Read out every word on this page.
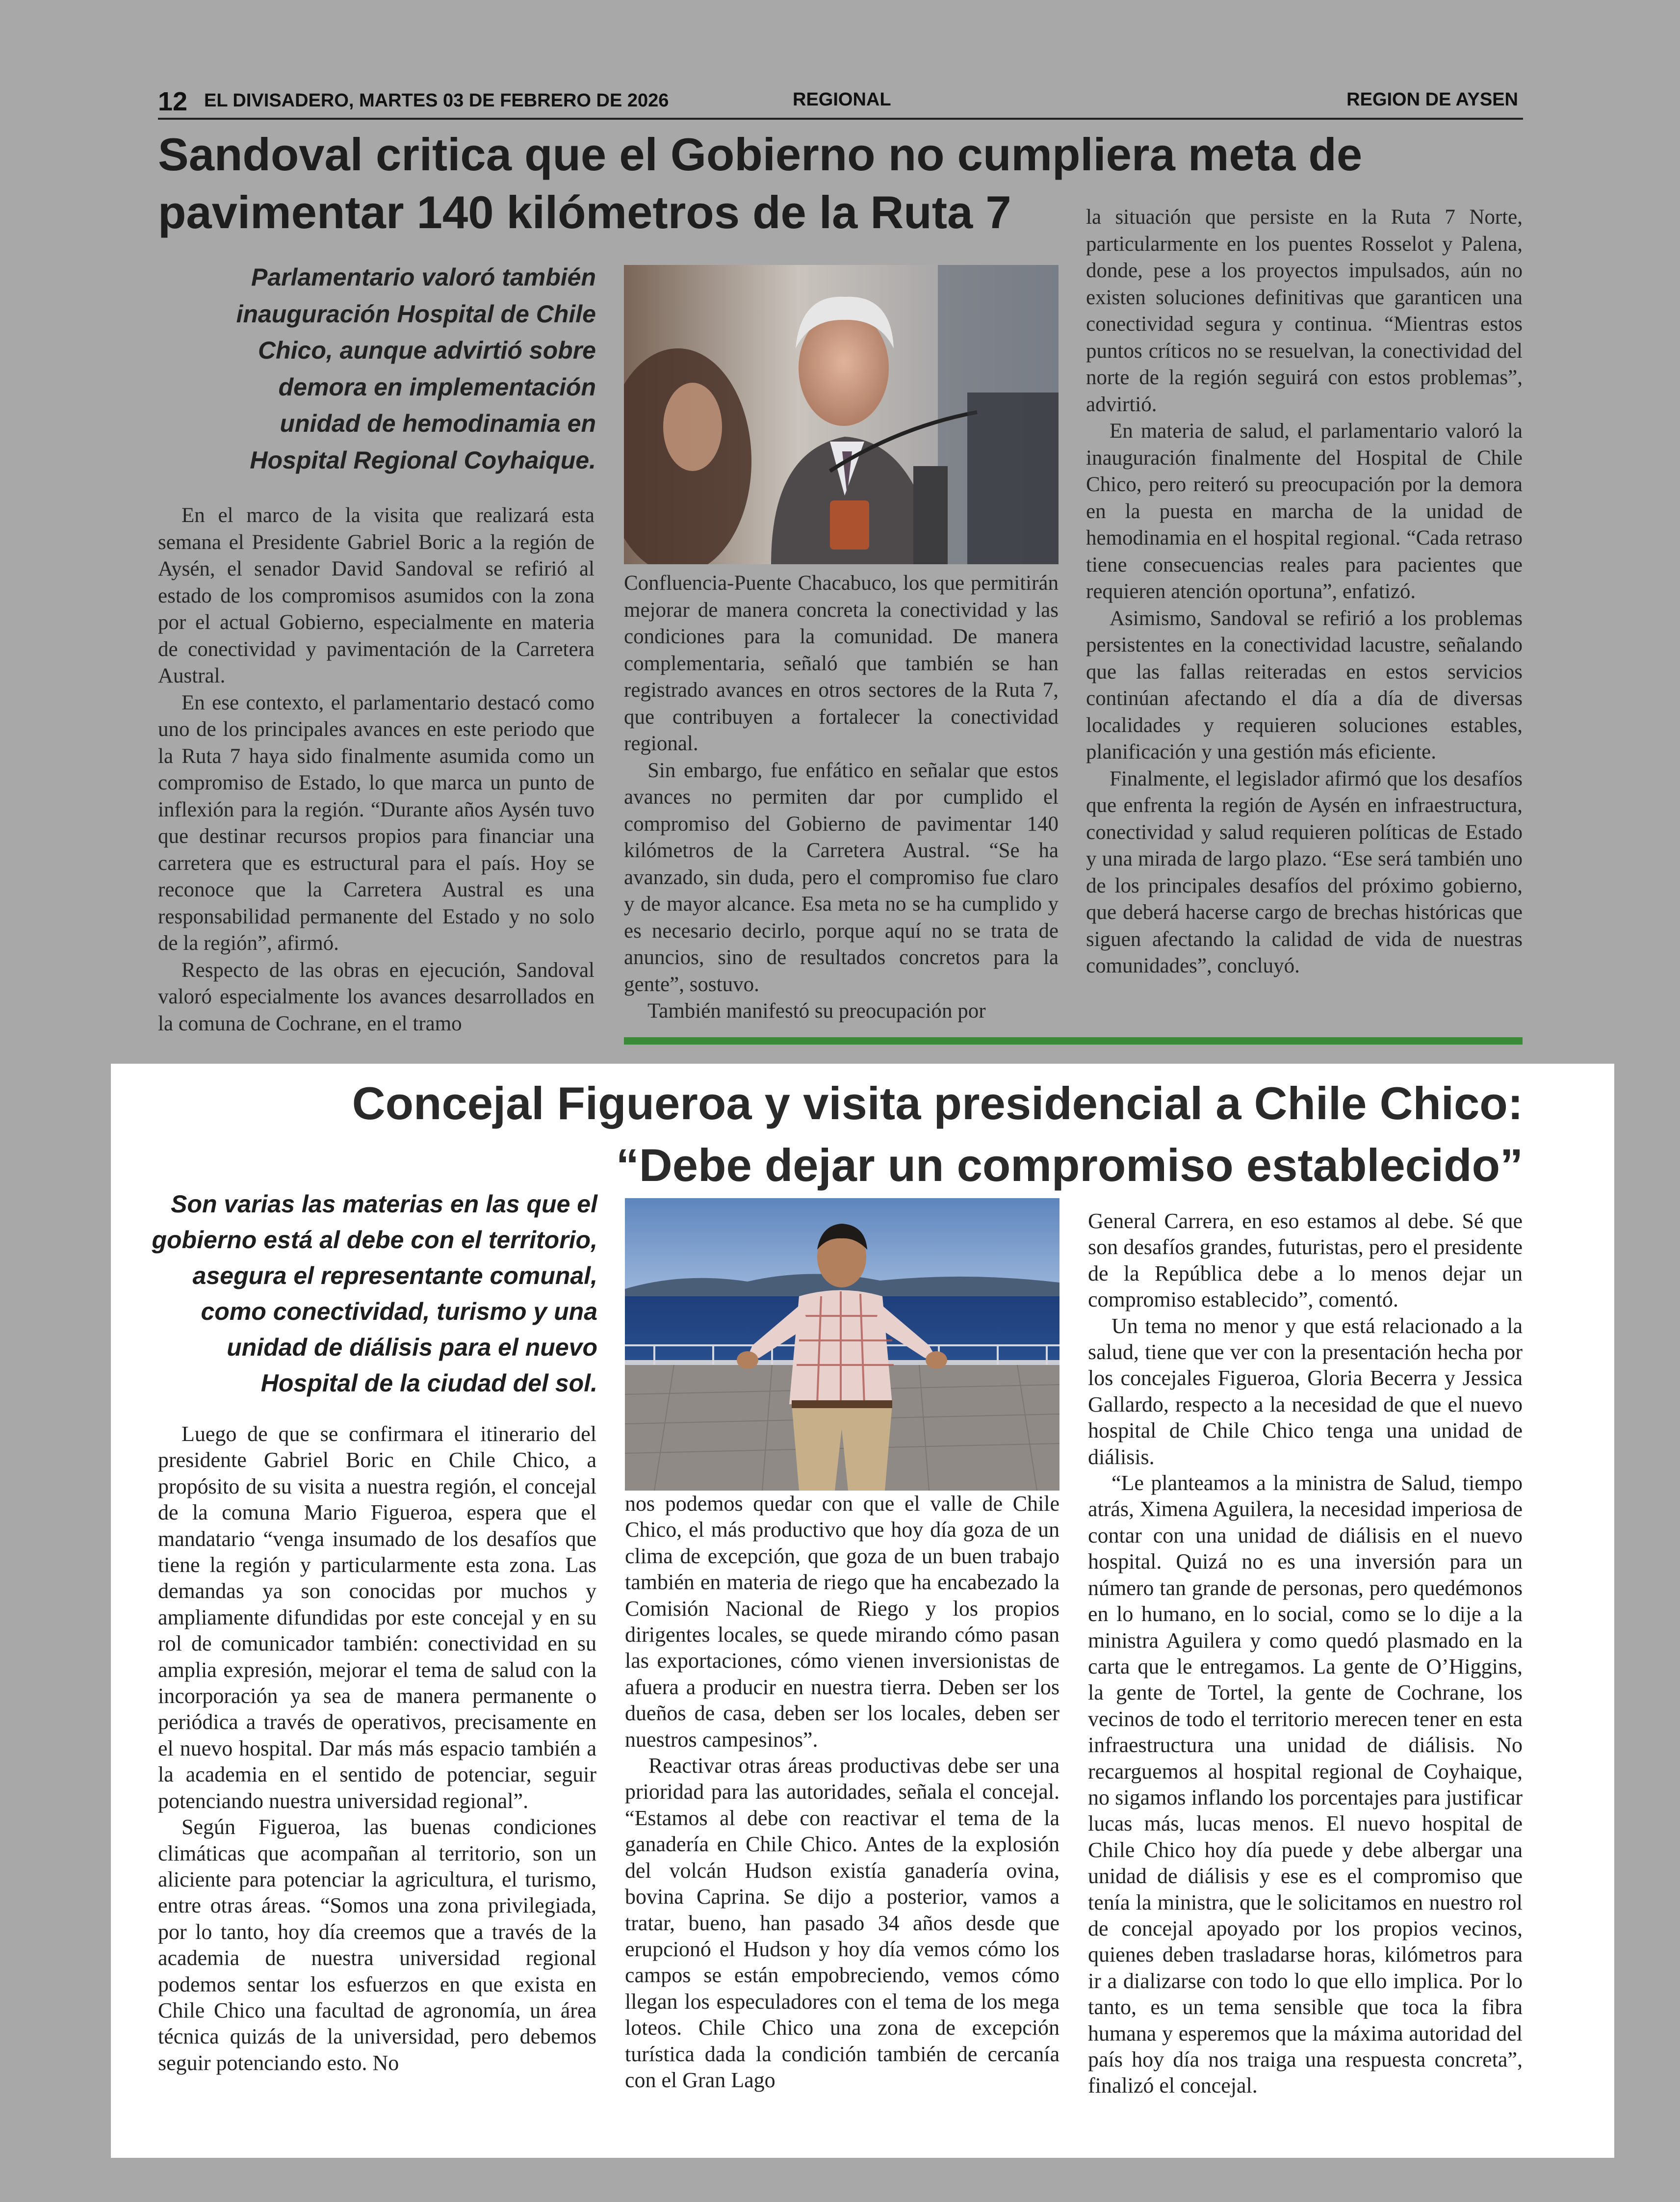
12 EL DIVISADERO, MARTES 03 DE FEBRERO DE 2026	REGIONAL	REGION DE AYSEN
Sandoval critica que el Gobierno no cumpliera meta de
pavimentar 140 kilómetros de la Ruta 7
Parlamentario valoró también inauguración Hospital de Chile Chico, aunque advirtió sobre demora en implementación unidad de hemodinamia en Hospital Regional Coyhaique.

En el marco de la visita que realizará esta semana el Presidente Gabriel Boric a la región de Aysén, el senador David Sandoval se refirió al estado de los compromisos asumidos con la zona por el actual Gobierno, especialmente en materia de conectividad y pavimentación de la Carretera Austral.

En ese contexto, el parlamentario destacó como uno de los principales avances en este periodo que la Ruta 7 haya sido finalmente asumida como un compromiso de Estado, lo que marca un punto de inflexión para la región. “Durante años Aysén tuvo que destinar recursos propios para financiar una carretera que es estructural para el país. Hoy se reconoce que la Carretera Austral es una responsabilidad permanente del Estado y no solo de la región”, afirmó.

Respecto de las obras en ejecución, Sandoval valoró especialmente los avances desarrollados en la comuna de Cochrane, en el tramo

Confluencia-Puente Chacabuco, los que permitirán mejorar de manera concreta la conectividad y las condiciones para la comunidad. De manera complementaria, señaló que también se han registrado avances en otros sectores de la Ruta 7, que contribuyen a fortalecer la conectividad regional.

Sin embargo, fue enfático en señalar que estos avances no permiten dar por cumplido el compromiso del Gobierno de pavimentar 140 kilómetros de la Carretera Austral. “Se ha avanzado, sin duda, pero el compromiso fue claro y de mayor alcance. Esa meta no se ha cumplido y es necesario decirlo, porque aquí no se trata de anuncios, sino de resultados concretos para la gente”, sostuvo.

También manifestó su preocupación por

la situación que persiste en la Ruta 7 Norte, particularmente en los puentes Rosselot y Palena, donde, pese a los proyectos impulsados, aún no existen soluciones definitivas que garanticen una conectividad segura y continua. “Mientras estos puntos críticos no se resuelvan, la conectividad del norte de la región seguirá con estos problemas”, advirtió.

En materia de salud, el parlamentario valoró la inauguración finalmente del Hospital de Chile Chico, pero reiteró su preocupación por la demora en la puesta en marcha de la unidad de hemodinamia en el hospital regional. “Cada retraso tiene consecuencias reales para pacientes que requieren atención oportuna”, enfatizó.

Asimismo, Sandoval se refirió a los problemas persistentes en la conectividad lacustre, señalando que las fallas reiteradas en estos servicios continúan afectando el día a día de diversas localidades y requieren soluciones estables, planificación y una gestión más eficiente.

Finalmente, el legislador afirmó que los desafíos que enfrenta la región de Aysén en infraestructura, conectividad y salud requieren políticas de Estado y una mirada de largo plazo. “Ese será también uno de los principales desafíos del próximo gobierno, que deberá hacerse cargo de brechas históricas que siguen afectando la calidad de vida de nuestras comunidades”, concluyó.

Concejal Figueroa y visita presidencial a Chile Chico:
“Debe dejar un compromiso establecido”
Son varias las materias en las que el gobierno está al debe con el territorio, asegura el representante comunal, como conectividad, turismo y una unidad de diálisis para el nuevo Hospital de la ciudad del sol.

Luego de que se confirmara el itinerario del presidente Gabriel Boric en Chile Chico, a propósito de su visita a nuestra región, el concejal de la comuna Mario Figueroa, espera que el mandatario “venga insumado de los desafíos que tiene la región y particularmente esta zona. Las demandas ya son conocidas por muchos y ampliamente difundidas por este concejal y en su rol de comunicador también: conectividad en su amplia expresión, mejorar el tema de salud con la incorporación ya sea de manera permanente o periódica a través de operativos, precisamente en el nuevo hospital. Dar más más espacio también a la academia en el sentido de potenciar, seguir potenciando nuestra universidad regional”.

Según Figueroa, las buenas condiciones climáticas que acompañan al territorio, son un aliciente para potenciar la agricultura, el turismo, entre otras áreas. “Somos una zona privilegiada, por lo tanto, hoy día creemos que a través de la academia de nuestra universidad regional podemos sentar los esfuerzos en que exista en Chile Chico una facultad de agronomía, un área técnica quizás de la universidad, pero debemos seguir potenciando esto. No

nos podemos quedar con que el valle de Chile Chico, el más productivo que hoy día goza de un clima de excepción, que goza de un buen trabajo también en materia de riego que ha encabezado la Comisión Nacional de Riego y los propios dirigentes locales, se quede mirando cómo pasan las exportaciones, cómo vienen inversionistas de afuera a producir en nuestra tierra. Deben ser los dueños de casa, deben ser los locales, deben ser nuestros campesinos”.

Reactivar otras áreas productivas debe ser una prioridad para las autoridades, señala el concejal. “Estamos al debe con reactivar el tema de la ganadería en Chile Chico. Antes de la explosión del volcán Hudson existía ganadería ovina, bovina Caprina. Se dijo a posterior, vamos a tratar, bueno, han pasado 34 años desde que erupcionó el Hudson y hoy día vemos cómo los campos se están empobreciendo, vemos cómo llegan los especuladores con el tema de los mega loteos. Chile Chico una zona de excepción turística dada la condición también de cercanía con el Gran Lago

General Carrera, en eso estamos al debe. Sé que son desafíos grandes, futuristas, pero el presidente de la República debe a lo menos dejar un compromiso establecido”, comentó.

Un tema no menor y que está relacionado a la salud, tiene que ver con la presentación hecha por los concejales Figueroa, Gloria Becerra y Jessica Gallardo, respecto a la necesidad de que el nuevo hospital de Chile Chico tenga una unidad de diálisis.

“Le planteamos a la ministra de Salud, tiempo atrás, Ximena Aguilera, la necesidad imperiosa de contar con una unidad de diálisis en el nuevo hospital. Quizá no es una inversión para un número tan grande de personas, pero quedémonos en lo humano, en lo social, como se lo dije a la ministra Aguilera y como quedó plasmado en la carta que le entregamos. La gente de O’Higgins, la gente de Tortel, la gente de Cochrane, los vecinos de todo el territorio merecen tener en esta infraestructura una unidad de diálisis. No recarguemos al hospital regional de Coyhaique, no sigamos inflando los porcentajes para justificar lucas más, lucas menos. El nuevo hospital de Chile Chico hoy día puede y debe albergar una unidad de diálisis y ese es el compromiso que tenía la ministra, que le solicitamos en nuestro rol de concejal apoyado por los propios vecinos, quienes deben trasladarse horas, kilómetros para ir a dializarse con todo lo que ello implica. Por lo tanto, es un tema sensible que toca la fibra humana y esperemos que la máxima autoridad del país hoy día nos traiga una respuesta concreta”, finalizó el concejal.
